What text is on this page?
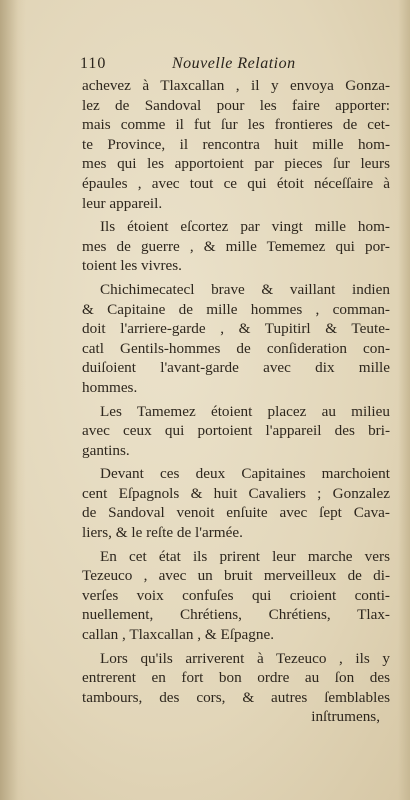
110	Nouvelle Relation
achevez à Tlaxcallan , il y envoya Gonza-
lez de Sandoval pour les faire apporter:
mais comme il fut ſur les frontieres de cet-
te Province, il rencontra huit mille hom-
mes qui les apportoient par pieces ſur leurs
épaules , avec tout ce qui étoit néceſſaire à
leur appareil.
Ils étoient eſcortez par vingt mille hom-
mes de guerre , & mille Tememez qui por-
toient les vivres.
Chichimecatecl brave & vaillant indien
& Capitaine de mille hommes , comman-
doit l'arriere-garde , & Tupitirl & Teute-
catl Gentils-hommes de conſideration con-
duiſoient l'avant-garde avec dix mille
hommes.
Les Tamemez étoient placez au milieu
avec ceux qui portoient l'appareil des bri-
gantins.
Devant ces deux Capitaines marchoient
cent Eſpagnols & huit Cavaliers ; Gonzalez
de Sandoval venoit enſuite avec ſept Cava-
liers, & le reſte de l'armée.
En cet état ils prirent leur marche vers
Tezeuco , avec un bruit merveilleux de di-
verſes voix confuſes qui crioient conti-
nuellement, Chrétiens, Chrétiens, Tlax-
callan , Tlaxcallan , & Eſpagne.
Lors qu'ils arriverent à Tezeuco , ils y
entrerent en fort bon ordre au ſon des
tambours, des cors, & autres ſemblables
inſtrumens,
